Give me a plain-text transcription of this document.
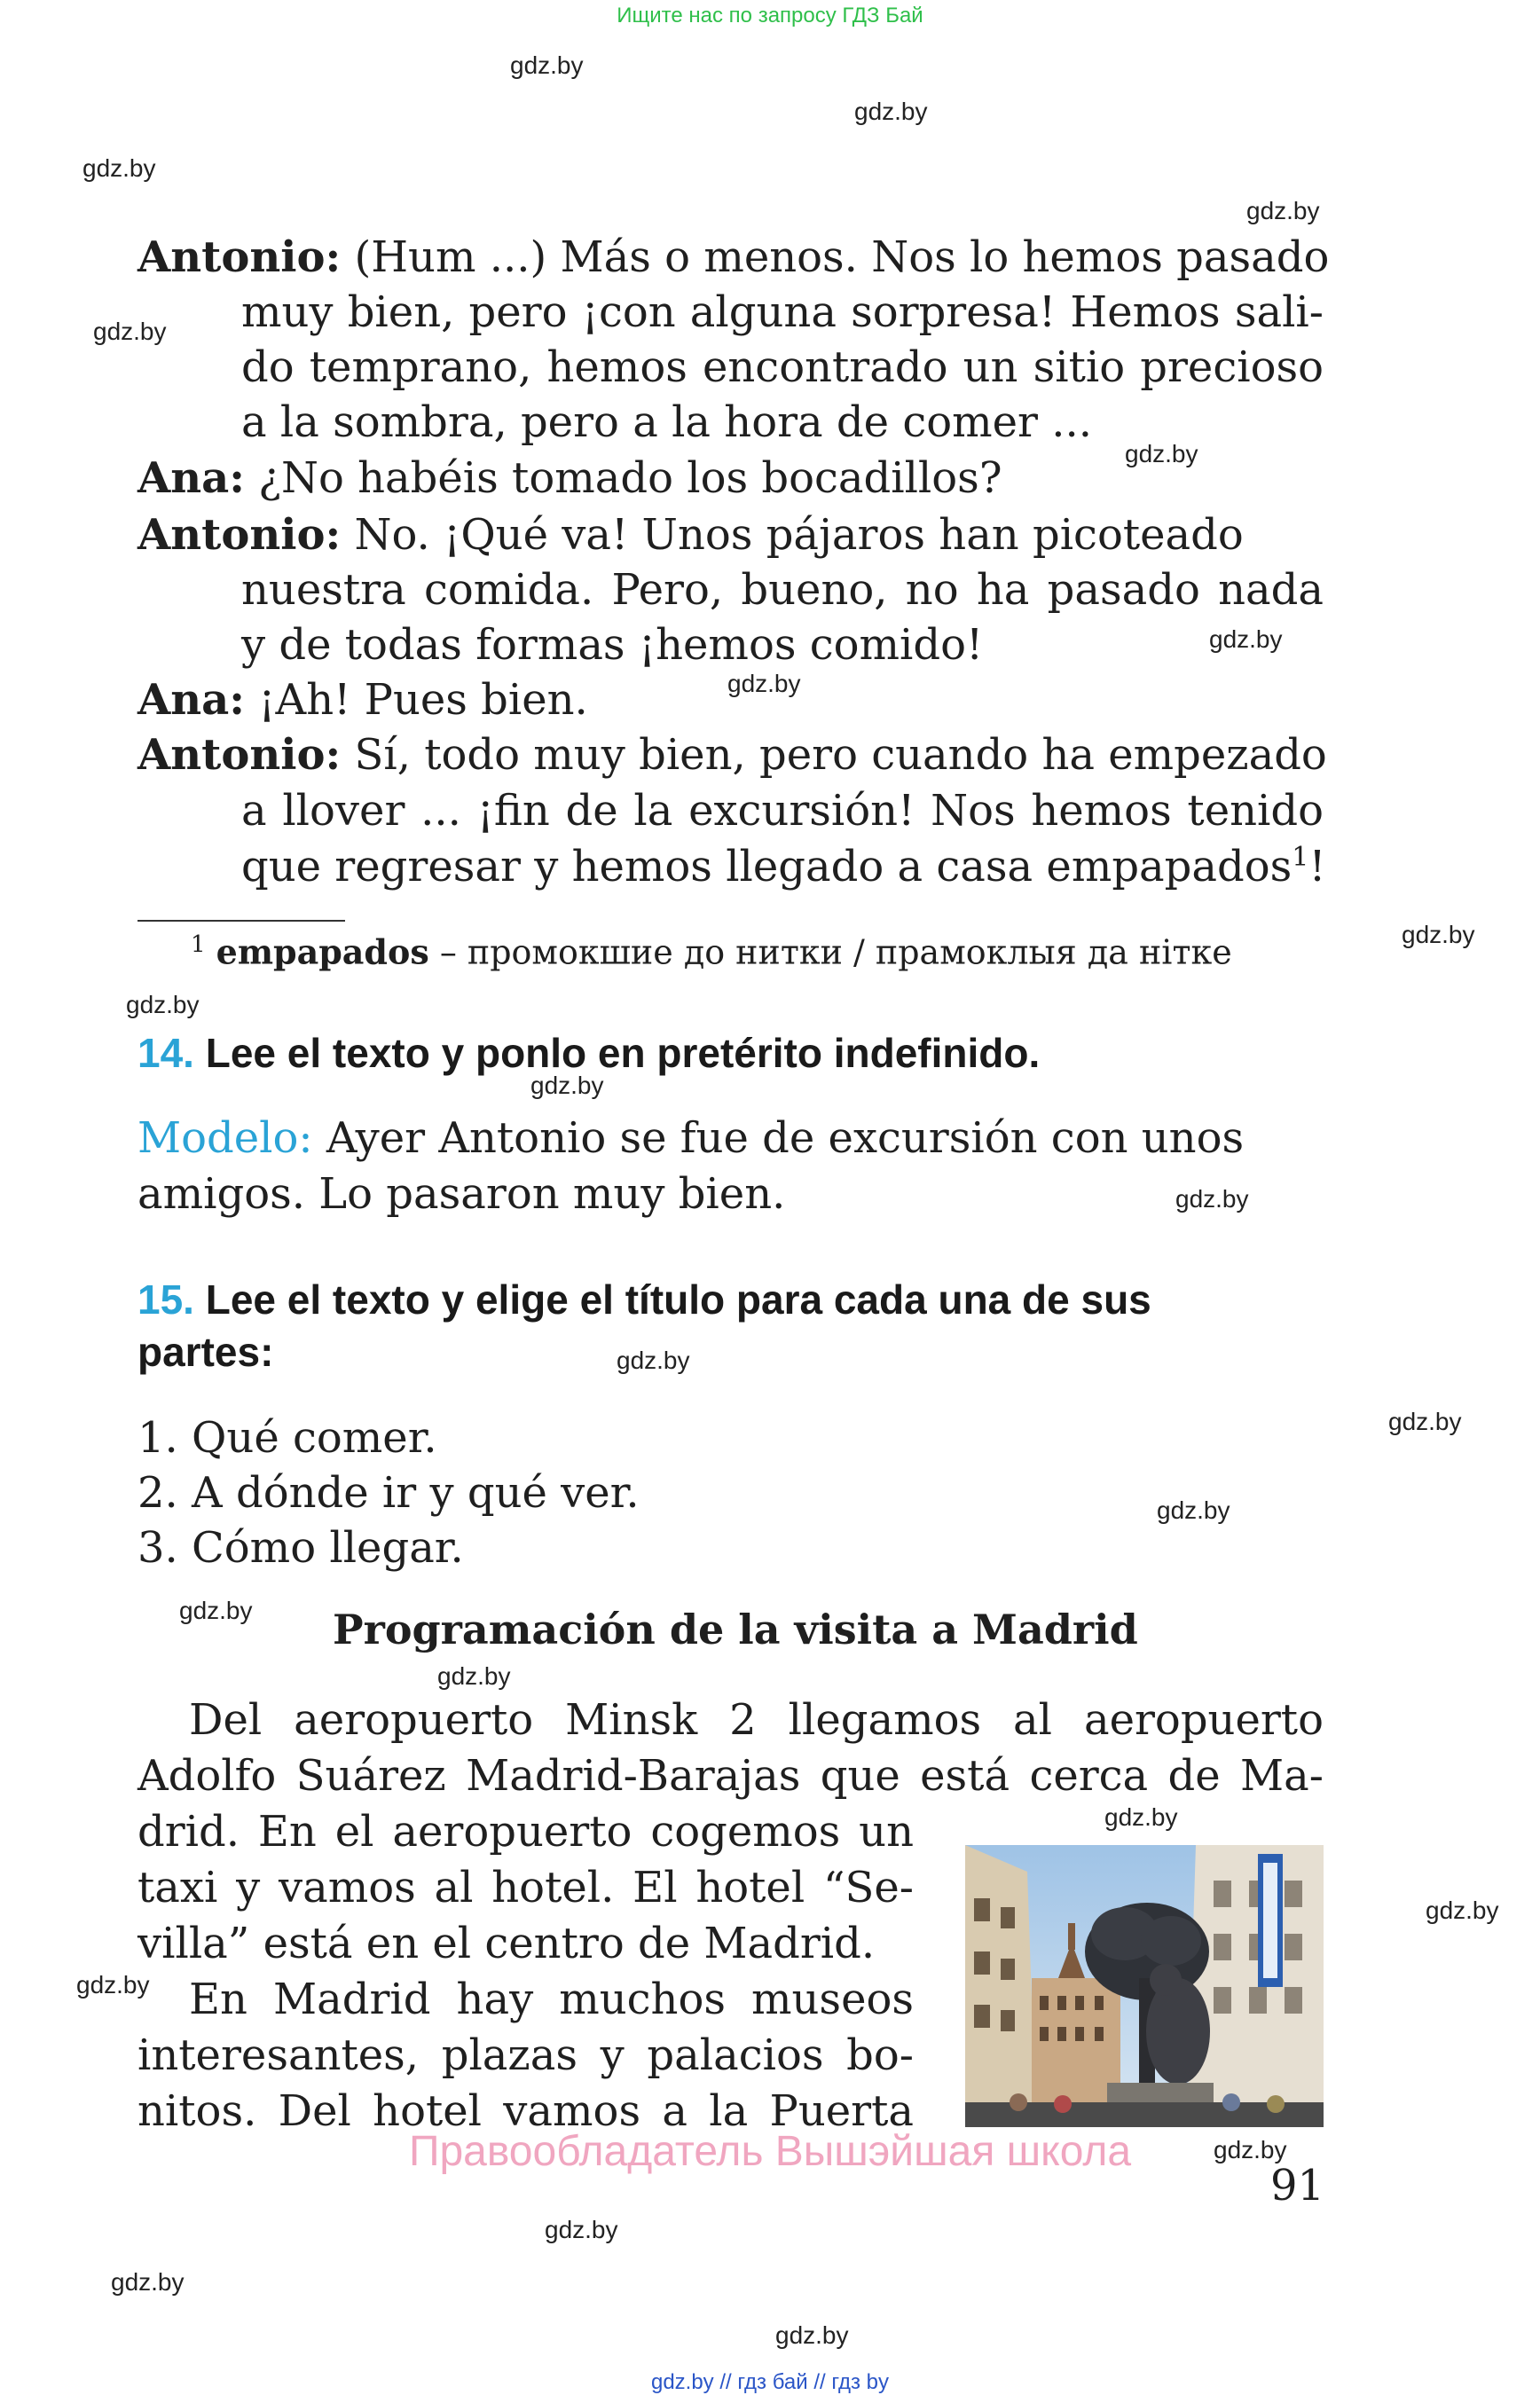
Ищите нас по запросу ГДЗ Бай
gdz.by
gdz.by
gdz.by
gdz.by
gdz.by
gdz.by
gdz.by
gdz.by
gdz.by
gdz.by
gdz.by
gdz.by
gdz.by
gdz.by
gdz.by
gdz.by
gdz.by
gdz.by
gdz.by
gdz.by
gdz.by
gdz.by
gdz.by
gdz.by
Antonio: (Hum ...) Más o menos. Nos lo hemos pasado
muy bien, pero ¡con alguna sorpresa! Hemos sali-
do temprano, hemos encontrado un sitio precioso
a la sombra, pero a la hora de comer ...
Ana: ¿No habéis tomado los bocadillos?
Antonio: No. ¡Qué va! Unos pájaros han picoteado
nuestra comida. Pero, bueno, no ha pasado nada
y de todas formas ¡hemos comido!
Ana: ¡Ah! Pues bien.
Antonio: Sí, todo muy bien, pero cuando ha empezado
a llover ... ¡fin de la excursión! Nos hemos tenido
que regresar y hemos llegado a casa empapados$^1$!
$^1$ empapados – промокшие до нитки / прамоклыя да нітке
14. Lee el texto y ponlo en pretérito indefinido.
Modelo: Ayer Antonio se fue de excursión con unos
amigos. Lo pasaron muy bien.
15. Lee el texto y elige el título para cada una de sus
partes:
1. Qué comer.
2. A dónde ir y qué ver.
3. Cómo llegar.
Programación de la visita a Madrid
Del aeropuerto Minsk 2 llegamos al aeropuerto
Adolfo Suárez Madrid-Barajas que está cerca de Ma-
drid. En el aeropuerto cogemos un
taxi y vamos al hotel. El hotel “Se-
villa” está en el centro de Madrid.
En Madrid hay muchos museos
interesantes, plazas y palacios bo-
nitos. Del hotel vamos a la Puerta
Правообладатель Вышэйшая школа
91
gdz.by // гдз бай // гдз by
